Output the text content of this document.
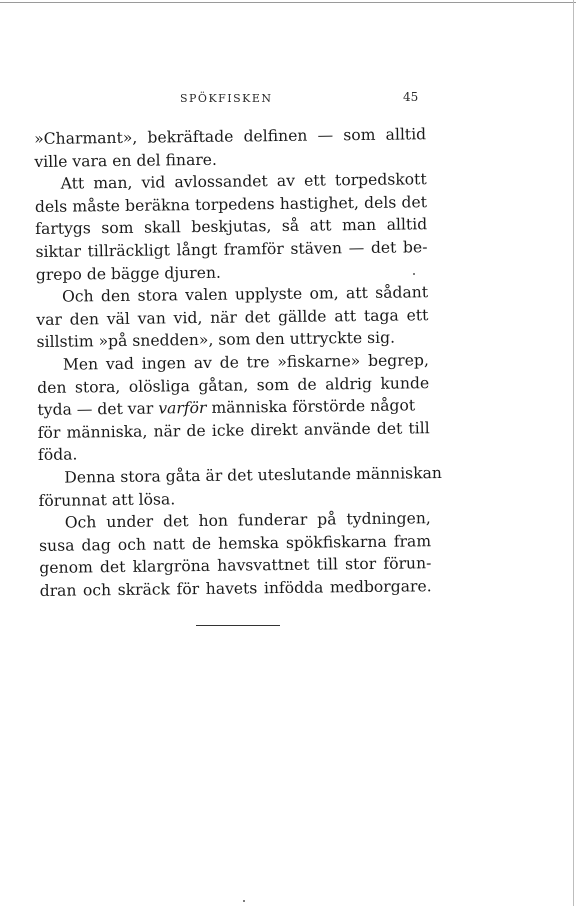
SPÖKFISKEN	45
»Charmant», bekräftade delfinen — som alltid
ville vara en del finare.
Att man, vid avlossandet av ett torpedskott
dels måste beräkna torpedens hastighet, dels det
fartygs som skall beskjutas, så att man alltid
siktar tillräckligt långt framför stäven — det be-
grepo de bägge djuren.
Och den stora valen upplyste om, att sådant
var den väl van vid, när det gällde att taga ett
sillstim »på snedden», som den uttryckte sig.
Men vad ingen av de tre »fiskarne» begrep,
den stora, olösliga gåtan, som de aldrig kunde
tyda — det var varför människa förstörde något
för människa, när de icke direkt använde det till
föda.
Denna stora gåta är det uteslutande människan
förunnat att lösa.
Och under det hon funderar på tydningen,
susa dag och natt de hemska spökfiskarna fram
genom det klargröna havsvattnet till stor förun-
dran och skräck för havets infödda medborgare.
